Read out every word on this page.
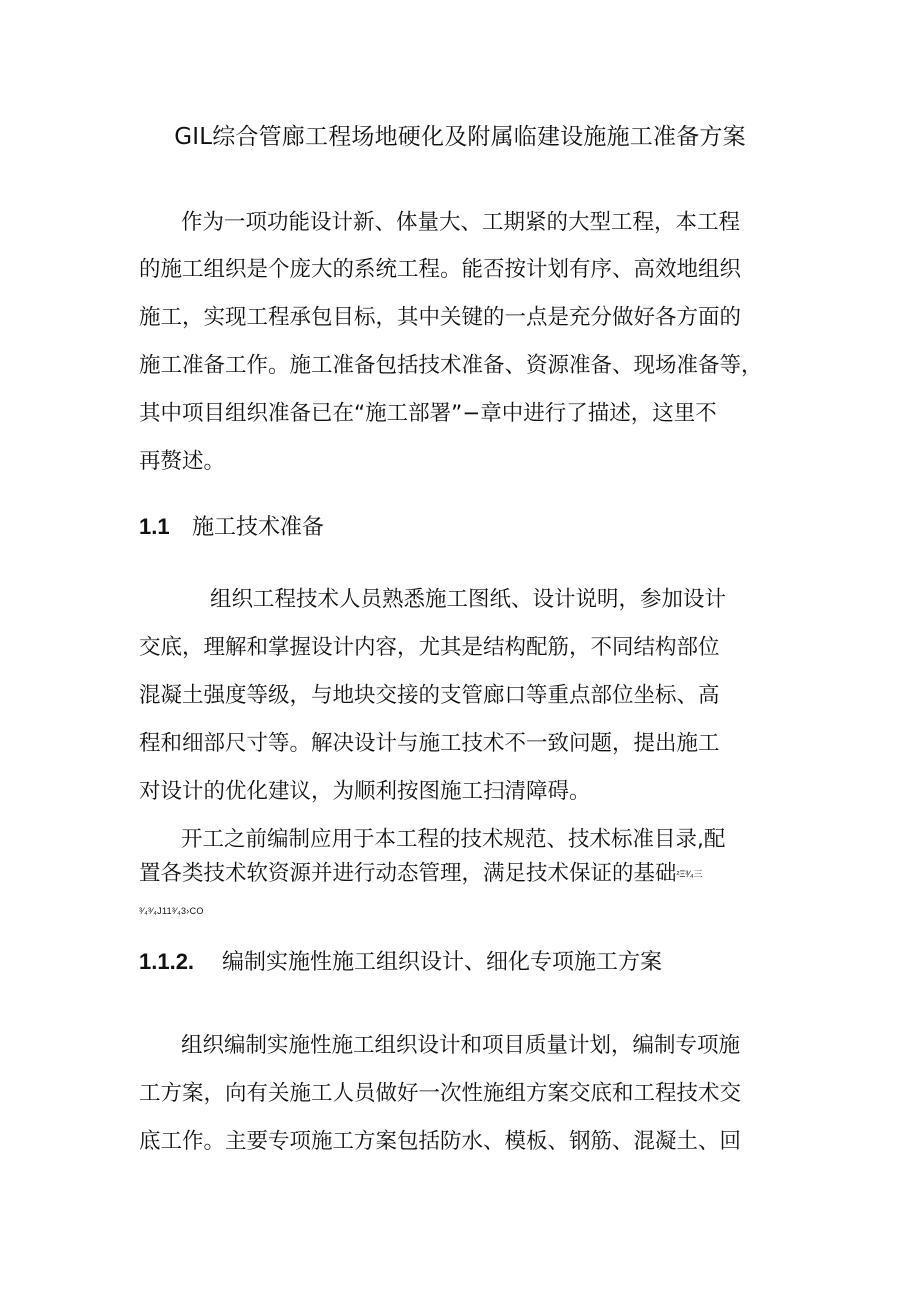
GIL综合管廊工程场地硬化及附属临建设施施工准备方案
作为一项功能设计新、体量大、工期紧的大型工程，本工程
的施工组织是个庞大的系统工程。能否按计划有序、高效地组织
施工，实现工程承包目标，其中关键的一点是充分做好各方面的
施工准备工作。施工准备包括技术准备、资源准备、现场准备等，
其中项目组织准备已在“施工部署”−章中进行了描述，这里不
再赘述。
1.1 施工技术准备
组织工程技术人员熟悉施工图纸、设计说明，参加设计
交底，理解和掌握设计内容，尤其是结构配筋，不同结构部位
混凝土强度等级，与地块交接的支管廊口等重点部位坐标、高
程和细部尺寸等。解决设计与施工技术不一致问题，提出施工
对设计的优化建议，为顺利按图施工扫清障碍。
开工之前编制应用于本工程的技术规范、技术标准目录,配
置各类技术软资源并进行动态管理，满足技术保证的基础²Ξ³⁄₄三
³⁄₄³⁄₄J11³⁄₄3›CO
1.1.2. 编制实施性施工组织设计、细化专项施工方案
组织编制实施性施工组织设计和项目质量计划，编制专项施
工方案，向有关施工人员做好一次性施组方案交底和工程技术交
底工作。主要专项施工方案包括防水、模板、钢筋、混凝土、回
